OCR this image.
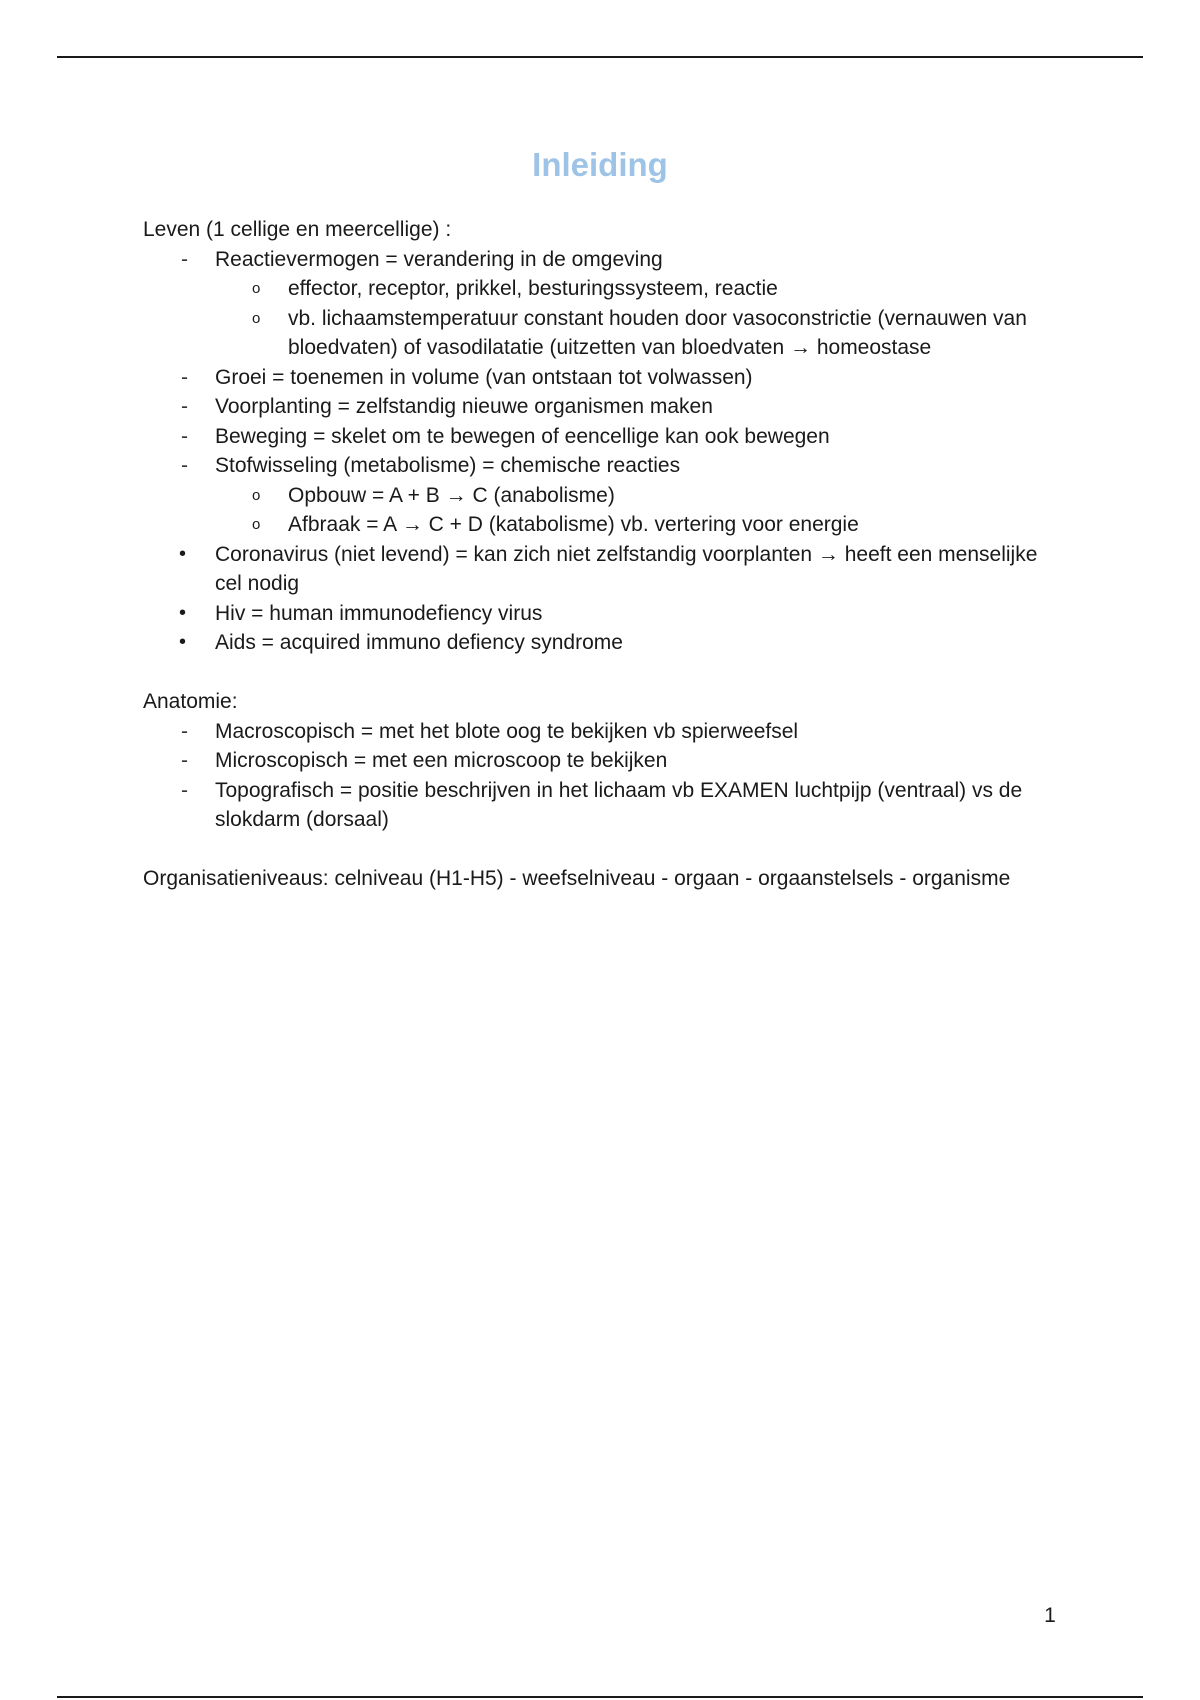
Inleiding
Leven (1 cellige en meercellige) :
-	Reactievermogen = verandering in de omgeving
o effector, receptor, prikkel, besturingssysteem, reactie
o vb. lichaamstemperatuur constant houden door vasoconstrictie (vernauwen van bloedvaten) of vasodilatatie (uitzetten van bloedvaten → homeostase
-	Groei = toenemen in volume (van ontstaan tot volwassen)
-	Voorplanting = zelfstandig nieuwe organismen maken
-	Beweging = skelet om te bewegen of eencellige kan ook bewegen
-	Stofwisseling (metabolisme) = chemische reacties
o Opbouw = A + B → C (anabolisme)
o Afbraak = A → C + D (katabolisme) vb. vertering voor energie
•	Coronavirus (niet levend) = kan zich niet zelfstandig voorplanten → heeft een menselijke cel nodig
•	Hiv = human immunodefiency virus
•	Aids = acquired immuno defiency syndrome
Anatomie:
-	Macroscopisch = met het blote oog te bekijken vb spierweefsel
-	Microscopisch = met een microscoop te bekijken
-	Topografisch = positie beschrijven in het lichaam vb EXAMEN luchtpijp (ventraal) vs de slokdarm (dorsaal)
Organisatieniveaus: celniveau (H1-H5) - weefselniveau - orgaan - orgaanstelsels - organisme
1
